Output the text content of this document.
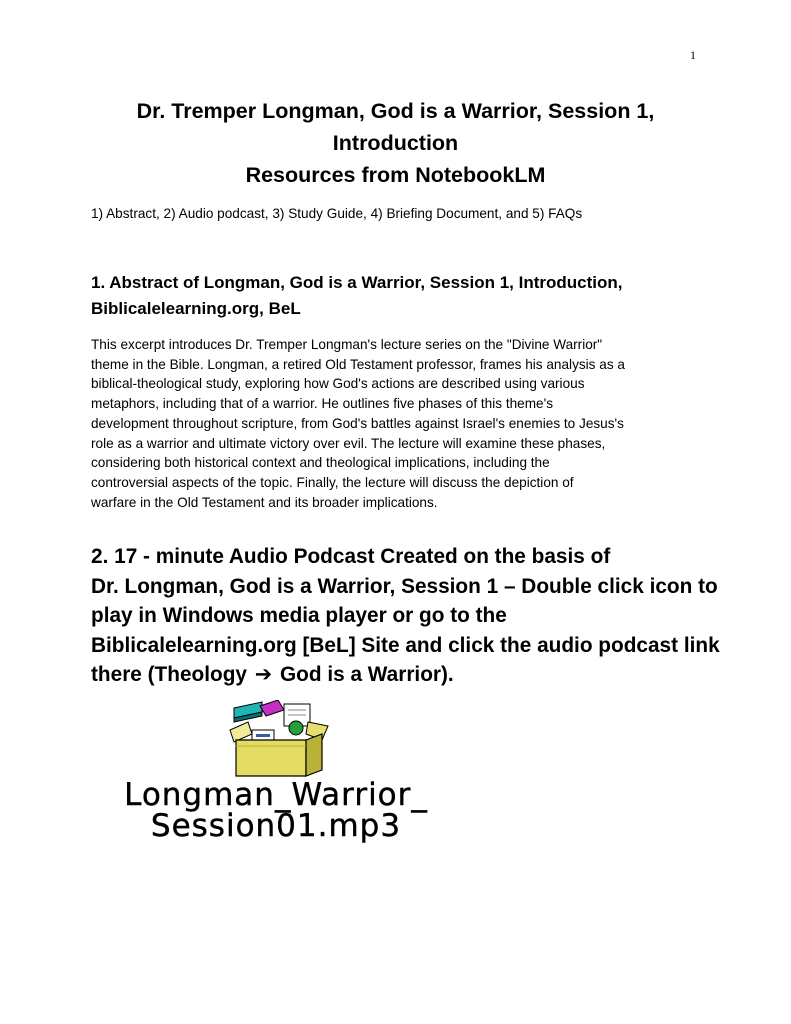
1
Dr. Tremper Longman, God is a Warrior, Session 1,
Introduction
Resources from NotebookLM
1) Abstract, 2) Audio podcast, 3) Study Guide, 4) Briefing Document, and 5) FAQs
1. Abstract of Longman, God is a Warrior, Session 1, Introduction,
Biblicalelearning.org, BeL
This excerpt introduces Dr. Tremper Longman's lecture series on the "Divine Warrior"
theme in the Bible. Longman, a retired Old Testament professor, frames his analysis as a
biblical-theological study, exploring how God's actions are described using various
metaphors, including that of a warrior. He outlines five phases of this theme's
development throughout scripture, from God's battles against Israel's enemies to Jesus's
role as a warrior and ultimate victory over evil. The lecture will examine these phases,
considering both historical context and theological implications, including the
controversial aspects of the topic. Finally, the lecture will discuss the depiction of
warfare in the Old Testament and its broader implications.
2. 17 - minute Audio Podcast Created on the basis of
Dr. Longman, God is a Warrior, Session 1 – Double click icon to
play in Windows media player or go to the
Biblicalelearning.org [BeL] Site and click the audio podcast link
there (Theology ➔ God is a Warrior).
Longman_Warrior_
Session01.mp3
